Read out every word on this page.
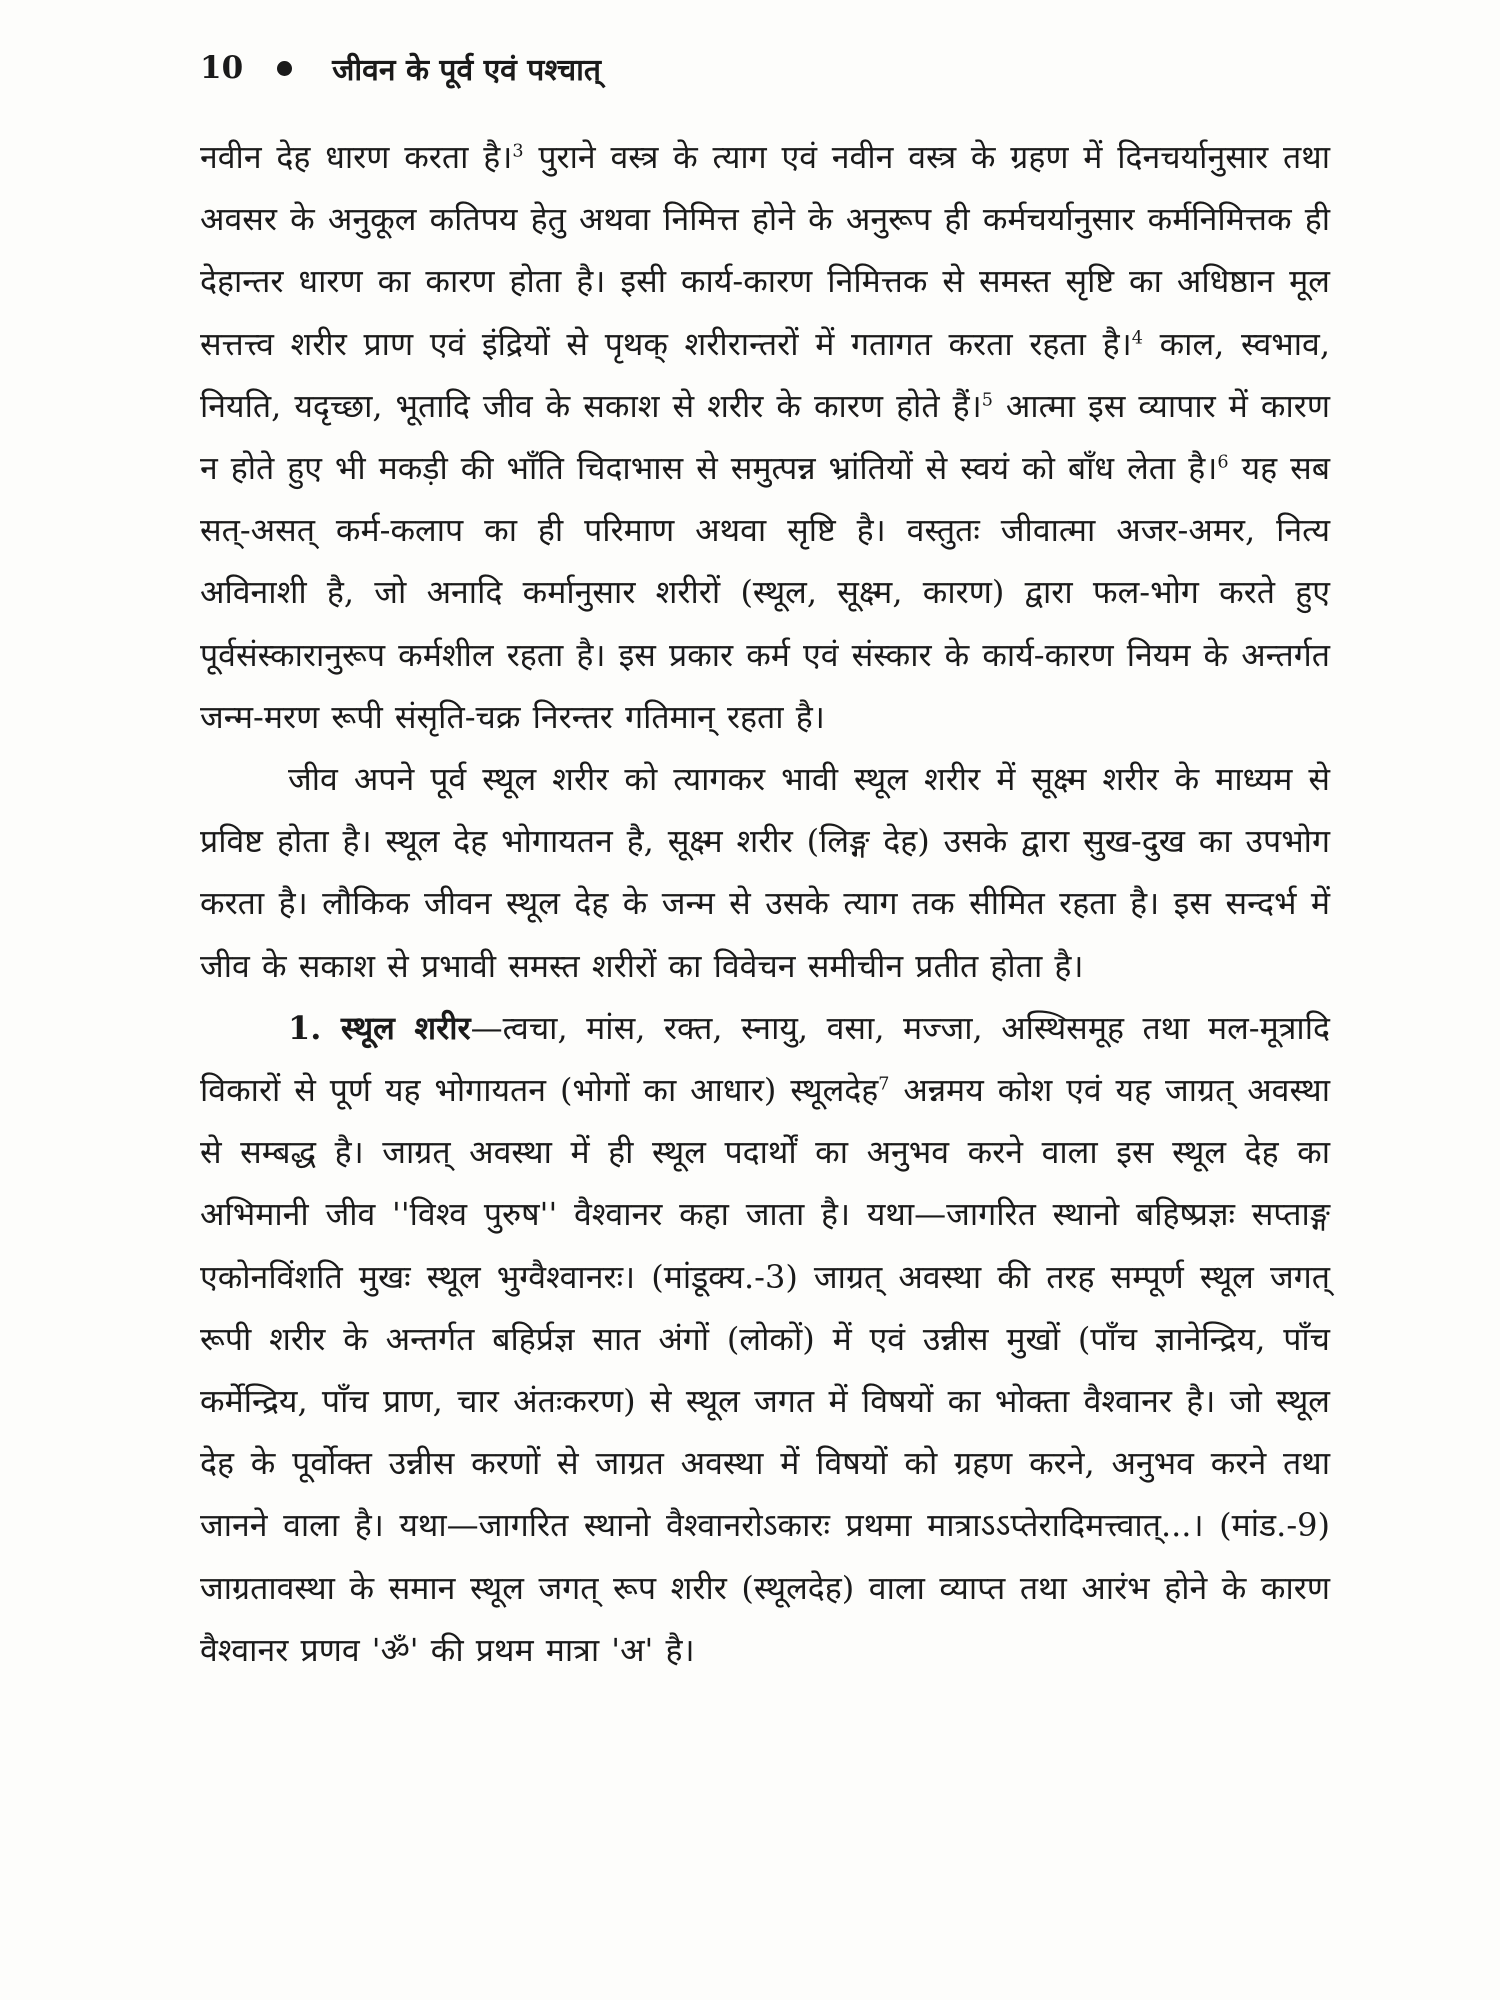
10	जीवन के पूर्व एवं पश्चात्

नवीन देह धारण करता है।$^3$ पुराने वस्त्र के त्याग एवं नवीन वस्त्र के ग्रहण में दिनचर्यानुसार तथा अवसर के अनुकूल कतिपय हेतु अथवा निमित्त होने के अनुरूप ही कर्मचर्यानुसार कर्मनिमित्तक ही देहान्तर धारण का कारण होता है। इसी कार्य-कारण निमित्तक से समस्त सृष्टि का अधिष्ठान मूल सत्तत्त्व शरीर प्राण एवं इंद्रियों से पृथक् शरीरान्तरों में गतागत करता रहता है।$^4$ काल, स्वभाव, नियति, यदृच्छा, भूतादि जीव के सकाश से शरीर के कारण होते हैं।$^5$ आत्मा इस व्यापार में कारण न होते हुए भी मकड़ी की भाँति चिदाभास से समुत्पन्न भ्रांतियों से स्वयं को बाँध लेता है।$^6$ यह सब सत्-असत् कर्म-कलाप का ही परिमाण अथवा सृष्टि है। वस्तुतः जीवात्मा अजर-अमर, नित्य अविनाशी है, जो अनादि कर्मानुसार शरीरों (स्थूल, सूक्ष्म, कारण) द्वारा फल-भोग करते हुए पूर्वसंस्कारानुरूप कर्मशील रहता है। इस प्रकार कर्म एवं संस्कार के कार्य-कारण नियम के अन्तर्गत जन्म-मरण रूपी संसृति-चक्र निरन्तर गतिमान् रहता है।

जीव अपने पूर्व स्थूल शरीर को त्यागकर भावी स्थूल शरीर में सूक्ष्म शरीर के माध्यम से प्रविष्ट होता है। स्थूल देह भोगायतन है, सूक्ष्म शरीर (लिङ्ग देह) उसके द्वारा सुख-दुख का उपभोग करता है। लौकिक जीवन स्थूल देह के जन्म से उसके त्याग तक सीमित रहता है। इस सन्दर्भ में जीव के सकाश से प्रभावी समस्त शरीरों का विवेचन समीचीन प्रतीत होता है।

1. स्थूल शरीर—त्वचा, मांस, रक्त, स्नायु, वसा, मज्जा, अस्थिसमूह तथा मल-मूत्रादि विकारों से पूर्ण यह भोगायतन (भोगों का आधार) स्थूलदेह$^7$ अन्नमय कोश एवं यह जाग्रत् अवस्था से सम्बद्ध है। जाग्रत् अवस्था में ही स्थूल पदार्थों का अनुभव करने वाला इस स्थूल देह का अभिमानी जीव ''विश्व पुरुष'' वैश्वानर कहा जाता है। यथा—जागरित स्थानो बहिष्प्रज्ञः सप्ताङ्ग एकोनविंशति मुखः स्थूल भुग्वैश्वानरः। (मांडूक्य.-3) जाग्रत् अवस्था की तरह सम्पूर्ण स्थूल जगत् रूपी शरीर के अन्तर्गत बहिर्प्रज्ञ सात अंगों (लोकों) में एवं उन्नीस मुखों (पाँच ज्ञानेन्द्रिय, पाँच कर्मेन्द्रिय, पाँच प्राण, चार अंतःकरण) से स्थूल जगत में विषयों का भोक्ता वैश्वानर है। जो स्थूल देह के पूर्वोक्त उन्नीस करणों से जाग्रत अवस्था में विषयों को ग्रहण करने, अनुभव करने तथा जानने वाला है। यथा—जागरित स्थानो वैश्वानरोऽकारः प्रथमा मात्राऽऽप्तेरादिमत्त्वात्...। (मांड.-9) जाग्रतावस्था के समान स्थूल जगत् रूप शरीर (स्थूलदेह) वाला व्याप्त तथा आरंभ होने के कारण वैश्वानर प्रणव 'ॐ' की प्रथम मात्रा 'अ' है।
